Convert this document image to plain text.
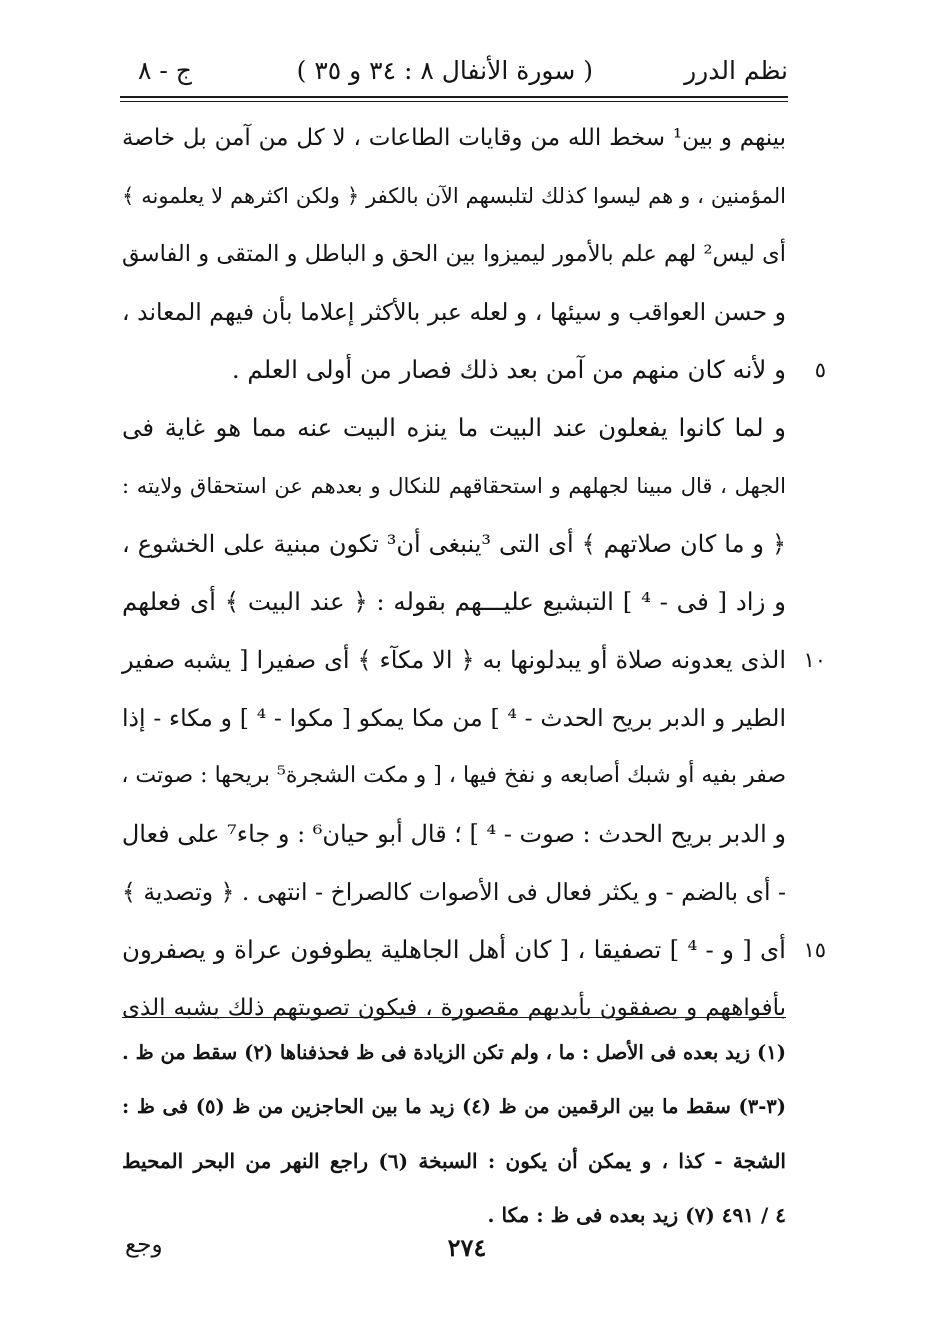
نظم الدرر
( سورة الأنفال ٨ : ٣٤ و ٣٥ )
ج - ٨
بينهم و بين¹ سخط الله من وقايات الطاعات ، لا كل من آمن بل خاصة
المؤمنين ، و هم ليسوا كذلك لتلبسهم الآن بالكفر ﴿ ولكن اكثرهم لا يعلمونه ﴾
أى ليس² لهم علم بالأمور ليميزوا بين الحق و الباطل و المتقى و الفاسق
و حسن العواقب و سيئها ، و لعله عبر بالأكثر إعلاما بأن فيهم المعاند ،
و لأنه كان منهم من آمن بعد ذلك فصار من أولى العلم .
و لما كانوا يفعلون عند البيت ما ينزه البيت عنه مما هو غاية فى
الجهل ، قال مبينا لجهلهم و استحقاقهم للنكال و بعدهم عن استحقاق ولايته :
﴿ و ما كان صلاتهم ﴾ أى التى ³ينبغى أن³ تكون مبنية على الخشوع ،
و زاد [ فى - ⁴ ] التبشيع عليـــهم بقوله : ﴿ عند البيت ﴾ أى فعلهم
الذى يعدونه صلاة أو يبدلونها به ﴿ الا مكآء ﴾ أى صفيرا [ يشبه صفير
الطير و الدبر بريح الحدث - ⁴ ] من مكا يمكو [ مكوا - ⁴ ] و مكاء - إذا
صفر بفيه أو شبك أصابعه و نفخ فيها ، [ و مكت الشجرة⁵ بريحها : صوتت ،
و الدبر بريح الحدث : صوت - ⁴ ] ؛ قال أبو حيان⁶ : و جاء⁷ على فعال
- أى بالضم - و يكثر فعال فى الأصوات كالصراخ - انتهى . ﴿ وتصدية ﴾
أى [ و - ⁴ ] تصفيقا ، [ كان أهل الجاهلية يطوفون عراة و يصفرون
بأفواههم و يصفقون بأيديهم مقصورة ، فيكون تصويتهم ذلك يشبه الذى
٥
١٠
١٥
(١) زيد بعده فى الأصل : ما ، ولم تكن الزيادة فى ظ فحذفناها (٢) سقط من ظ .
(٣-٣) سقط ما بين الرقمين من ظ (٤) زيد ما بين الحاجزين من ظ (٥) فى ظ :
الشجة - كذا ، و يمكن أن يكون : السبخة (٦) راجع النهر من البحر المحيط
٤ / ٤٩١ (٧) زيد بعده فى ظ : مكا .
٢٧٤
وجع
